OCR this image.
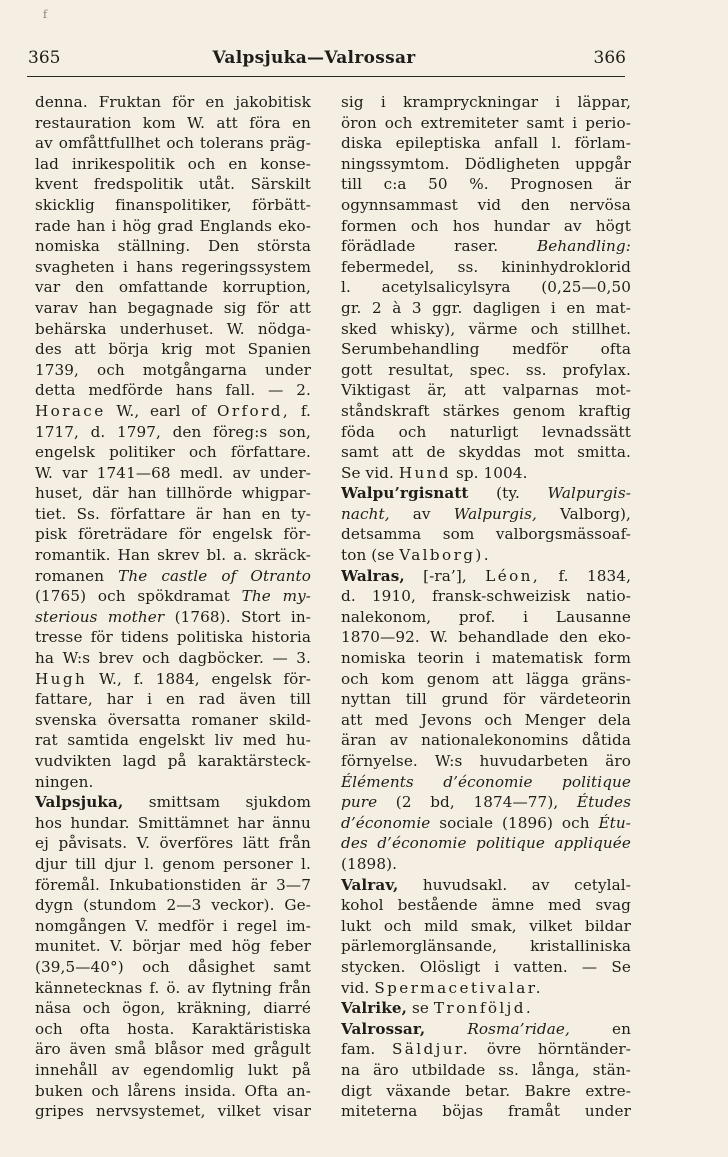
f
365	Valpsjuka—Valrossar	366
denna. Fruktan för en jakobitisk
restauration kom W. att föra en
av omfåttfullhet och tolerans präg-
lad inrikespolitik och en konse-
kvent fredspolitik utåt. Särskilt
skicklig finanspolitiker, förbätt-
rade han i hög grad Englands eko-
nomiska ställning. Den största
svagheten i hans regeringssystem
var den omfattande korruption,
varav han begagnade sig för att
behärska underhuset. W. nödga-
des att börja krig mot Spanien
1739, och motgångarna under
detta medförde hans fall. — 2.
Horace W., earl of Orford, f.
1717, d. 1797, den föreg:s son,
engelsk politiker och författare.
W. var 1741—68 medl. av under-
huset, där han tillhörde whigpar-
tiet. Ss. författare är han en ty-
pisk företrädare för engelsk för-
romantik. Han skrev bl. a. skräck-
romanen The castle of Otranto
(1765) och spökdramat The my-
sterious mother (1768). Stort in-
tresse för tidens politiska historia
ha W:s brev och dagböcker. — 3.
Hugh W., f. 1884, engelsk för-
fattare, har i en rad även till
svenska översatta romaner skild-
rat samtida engelskt liv med hu-
vudvikten lagd på karaktärsteck-
ningen.
Valpsjuka, smittsam sjukdom
hos hundar. Smittämnet har ännu
ej påvisats. V. överföres lätt från
djur till djur l. genom personer l.
föremål. Inkubationstiden är 3—7
dygn (stundom 2—3 veckor). Ge-
nomgången V. medför i regel im-
munitet. V. börjar med hög feber
(39,5—40°) och dåsighet samt
kännetecknas f. ö. av flytning från
näsa och ögon, kräkning, diarré
och ofta hosta. Karaktäristiska
äro även små blåsor med grågult
innehåll av egendomlig lukt på
buken och lårens insida. Ofta an-
gripes nervsystemet, vilket visar
sig i krampryckningar i läppar,
öron och extremiteter samt i perio-
diska epileptiska anfall l. förlam-
ningssymtom. Dödligheten uppgår
till c:a 50 %. Prognosen är
ogynnsammast vid den nervösa
formen och hos hundar av högt
förädlade	raser.	Behandling:
febermedel, ss. kininhydroklorid
l. acetylsalicylsyra (0,25—0,50
gr. 2 à 3 ggr. dagligen i en mat-
sked whisky), värme och stillhet.
Serumbehandling medför ofta
gott resultat, spec. ss. profylax.
Viktigast är, att valparnas mot-
ståndskraft stärkes genom kraftig
föda och naturligt levnadssätt
samt att de skyddas mot smitta.
Se vid. Hund sp. 1004.
Walpu’rgisnatt (ty. Walpurgis-
nacht, av Walpurgis, Valborg),
detsamma som valborgsmässoaf-
ton (se Valborg).
Walras, [-ra’], Léon, f. 1834,
d. 1910, fransk-schweizisk natio-
nalekonom, prof. i Lausanne
1870—92. W. behandlade den eko-
nomiska teorin i matematisk form
och kom genom att lägga gräns-
nyttan till grund för värdeteorin
att med Jevons och Menger dela
äran av nationalekonomins dåtida
förnyelse. W:s huvudarbeten äro
Éléments d’économie politique
pure (2 bd, 1874—77), Études
d’économie sociale (1896) och Étu-
des d’économie politique appliquée
(1898).
Valrav, huvudsakl. av cetylal-
kohol bestående ämne med svag
lukt och mild smak, vilket bildar
pärlemorglänsande, kristalliniska
stycken. Olösligt i vatten. — Se
vid. Spermacetivalar.
Valrike, se Tronföljd.
Valrossar,	Rosma’ridae,	en
fam. Säldjur. övre hörntänder-
na äro utbildade ss. långa, stän-
digt växande betar. Bakre extre-
miteterna böjas framåt under
